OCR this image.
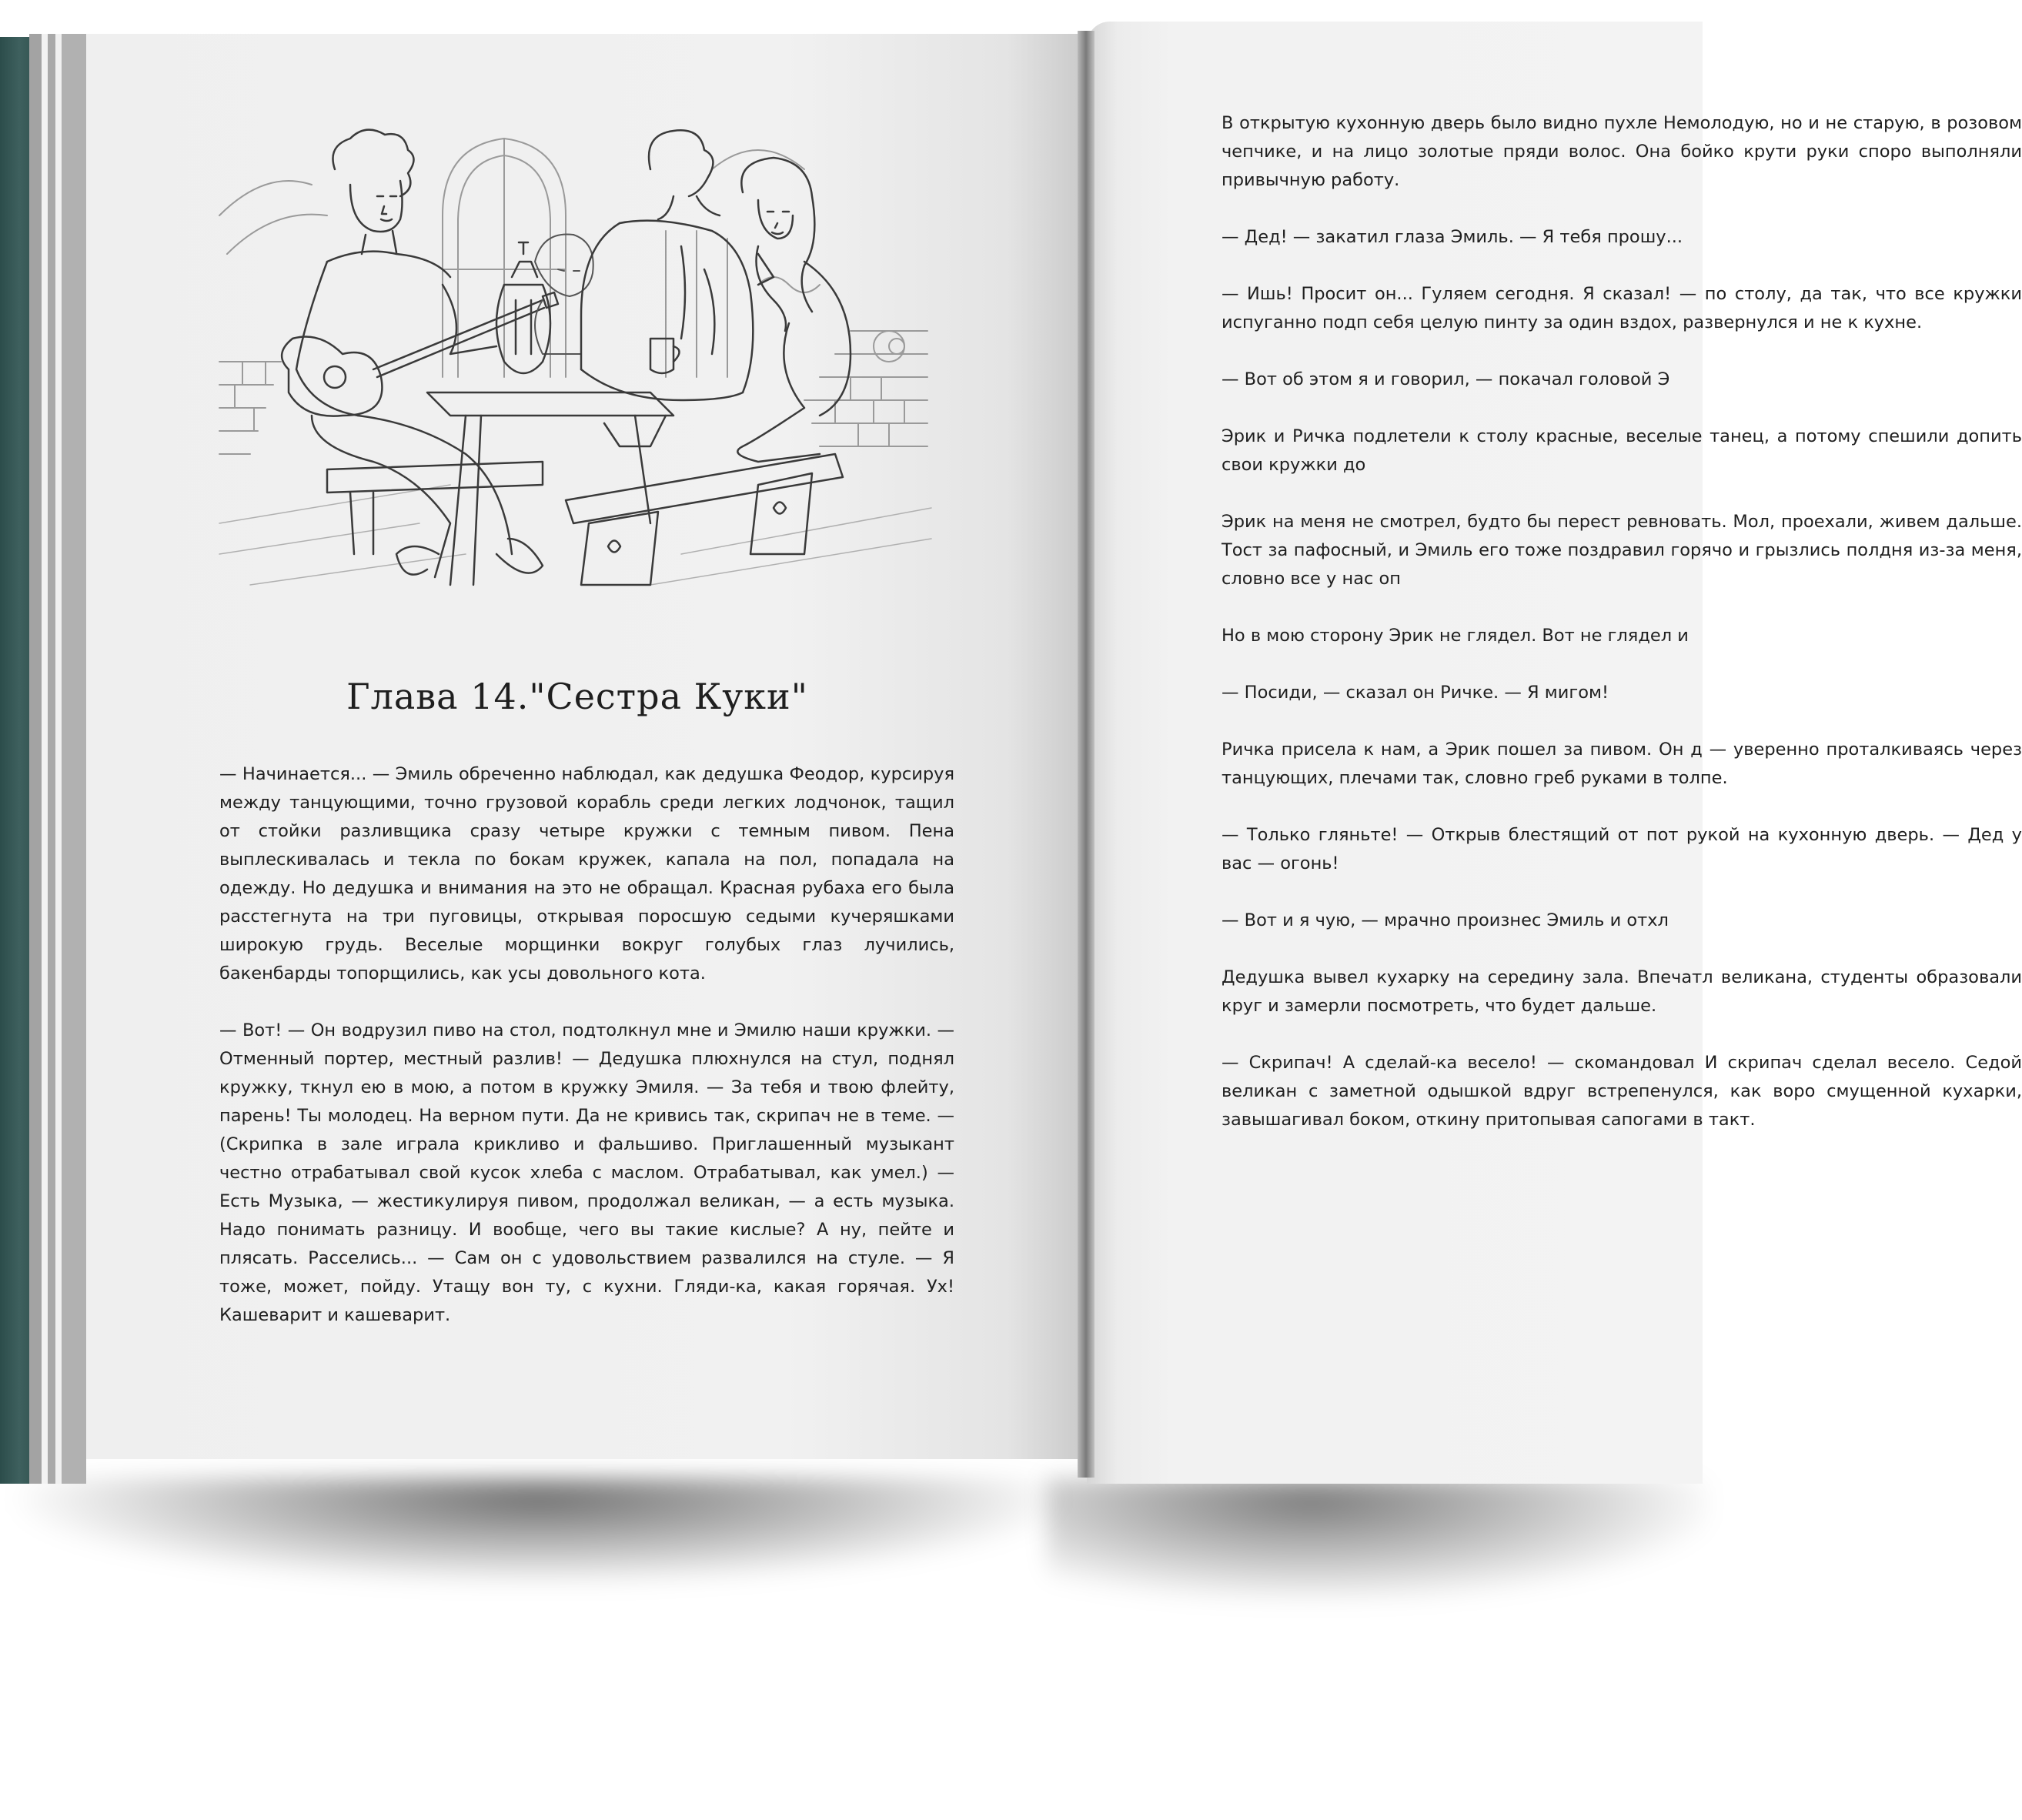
Глава 14."Сестра Куки"

— Начинается... — Эмиль обреченно наблюдал, как дедушка Феодор, курсируя между танцующими, точно грузовой корабль среди легких лодчонок, тащил от стойки разливщика сразу четыре кружки с темным пивом. Пена выплескивалась и текла по бокам кружек, капала на пол, попадала на одежду. Но дедушка и внимания на это не обращал. Красная рубаха его была расстегнута на три пуговицы, открывая поросшую седыми кучеряшками широкую грудь. Веселые морщинки вокруг голубых глаз лучились, бакенбарды топорщились, как усы довольного кота.

— Вот! — Он водрузил пиво на стол, подтолкнул мне и Эмилю наши кружки. — Отменный портер, местный разлив! — Дедушка плюхнулся на стул, поднял кружку, ткнул ею в мою, а потом в кружку Эмиля. — За тебя и твою флейту, парень! Ты молодец. На верном пути. Да не кривись так, скрипач не в теме. — (Скрипка в зале играла крикливо и фальшиво. Приглашенный музыкант честно отрабатывал свой кусок хлеба с маслом. Отрабатывал, как умел.) — Есть Музыка, — жестикулируя пивом, продолжал великан, — а есть музыка. Надо понимать разницу. И вообще, чего вы такие кислые? А ну, пейте и плясать. Расселись... — Сам он с удовольствием развалился на стуле. — Я тоже, может, пойду. Утащу вон ту, с кухни. Гляди-ка, какая горячая. Ух! Кашеварит и кашеварит.

В открытую кухонную дверь было видно пухле Немолодую, но и не старую, в розовом чепчике, и на лицо золотые пряди волос. Она бойко крути руки споро выполняли привычную работу.

— Дед! — закатил глаза Эмиль. — Я тебя прошу...

— Ишь! Просит он... Гуляем сегодня. Я сказал! — по столу, да так, что все кружки испуганно подп себя целую пинту за один вздох, развернулся и не к кухне.

— Вот об этом я и говорил, — покачал головой Э

Эрик и Ричка подлетели к столу красные, веселые танец, а потому спешили допить свои кружки до

Эрик на меня не смотрел, будто бы перест ревновать. Мол, проехали, живем дальше. Тост за пафосный, и Эмиль его тоже поздравил горячо и грызлись полдня из-за меня, словно все у нас оп

Но в мою сторону Эрик не глядел. Вот не глядел и

— Посиди, — сказал он Ричке. — Я мигом!

Ричка присела к нам, а Эрик пошел за пивом. Он д — уверенно проталкиваясь через танцующих, плечами так, словно греб руками в толпе.

— Только гляньте! — Открыв блестящий от пот рукой на кухонную дверь. — Дед у вас — огонь!

— Вот и я чую, — мрачно произнес Эмиль и отхл

Дедушка вывел кухарку на середину зала. Впечатл великана, студенты образовали круг и замерли посмотреть, что будет дальше.

— Скрипач! А сделай-ка весело! — скомандовал И скрипач сделал весело. Седой великан с заметной одышкой вдруг встрепенулся, как воро смущенной кухарки, завышагивал боком, откину притопывая сапогами в такт.
